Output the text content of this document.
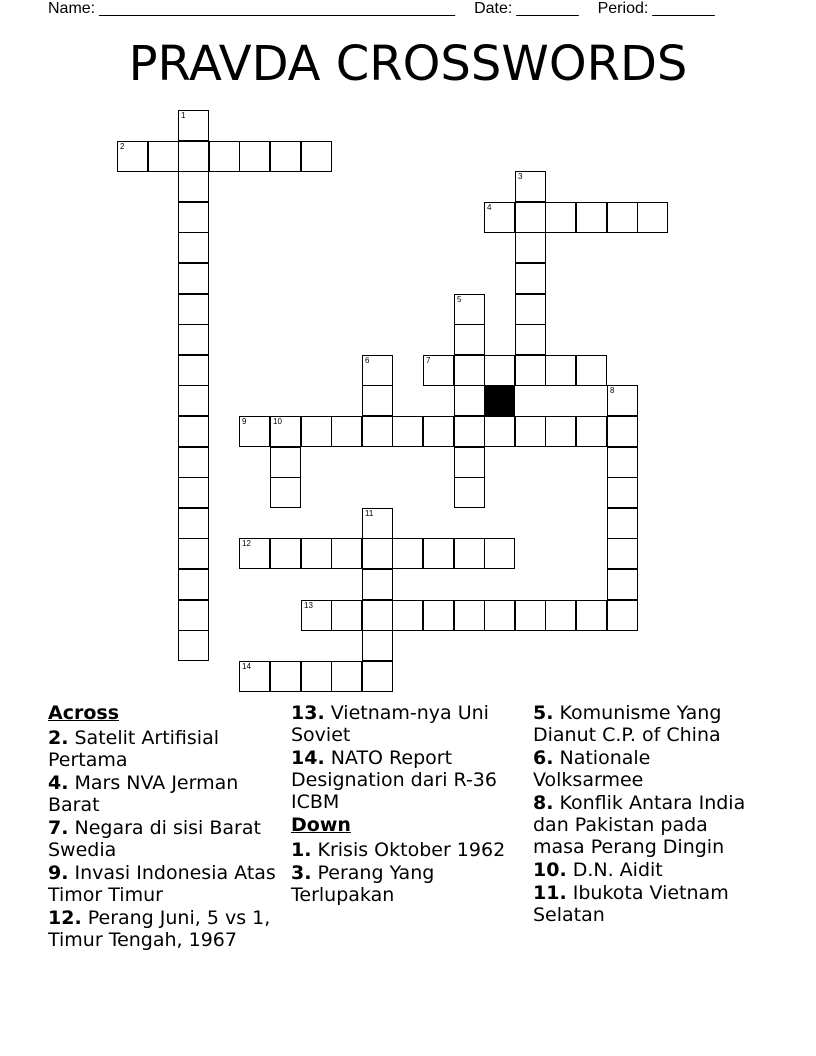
Name: ________________________________________ Date: _______ Period: _______
PRAVDA CROSSWORDS
1
2
3
4
5
6	7
8
9	10
11
12
13
14
Across
2. Satelit Artifisial Pertama
4. Mars NVA Jerman Barat
7. Negara di sisi Barat Swedia
9. Invasi Indonesia Atas Timor Timur
12. Perang Juni, 5 vs 1, Timur Tengah, 1967
13. Vietnam-nya Uni Soviet
14. NATO Report Designation dari R-36 ICBM
Down
1. Krisis Oktober 1962
3. Perang Yang Terlupakan
5. Komunisme Yang Dianut C.P. of China
6. Nationale Volksarmee
8. Konflik Antara India dan Pakistan pada masa Perang Dingin
10. D.N. Aidit
11. Ibukota Vietnam Selatan
